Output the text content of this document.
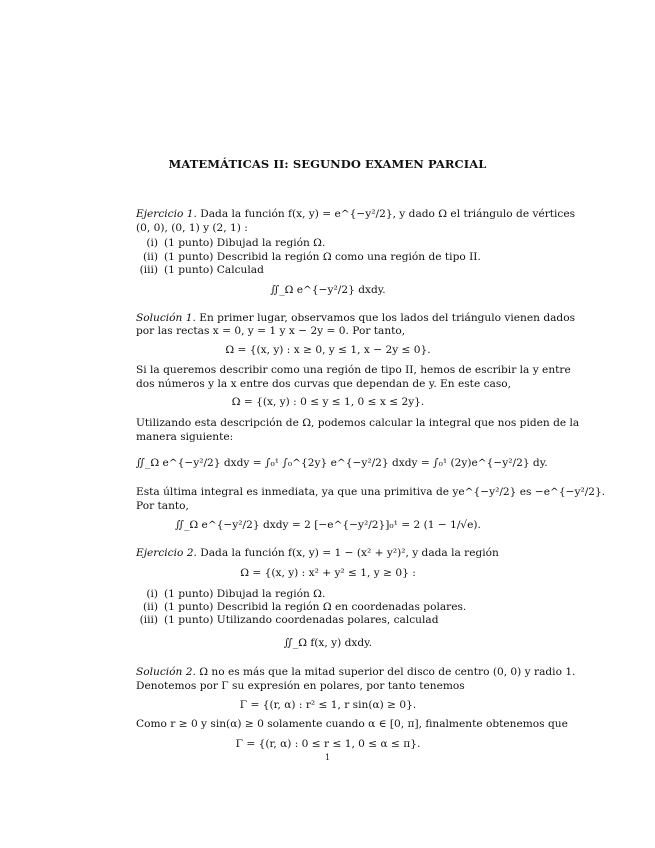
MATEMÁTICAS II: SEGUNDO EXAMEN PARCIAL
Ejercicio 1. Dada la función f(x, y) = e^{−y²/2}, y dado Ω el triángulo de vértices
(0, 0), (0, 1) y (2, 1) :
(i) (1 punto) Dibujad la región Ω.
(ii) (1 punto) Describid la región Ω como una región de tipo II.
(iii) (1 punto) Calculad
∬_Ω e^{−y²/2} dxdy.
Solución 1. En primer lugar, observamos que los lados del triángulo vienen dados
por las rectas x = 0, y = 1 y x − 2y = 0. Por tanto,
Ω = {(x, y) : x ≥ 0, y ≤ 1, x − 2y ≤ 0}.
Si la queremos describir como una región de tipo II, hemos de escribir la y entre
dos números y la x entre dos curvas que dependan de y. En este caso,
Ω = {(x, y) : 0 ≤ y ≤ 1, 0 ≤ x ≤ 2y}.
Utilizando esta descripción de Ω, podemos calcular la integral que nos piden de la
manera siguiente:
∬_Ω e^{−y²/2} dxdy = ∫₀¹ ∫₀^{2y} e^{−y²/2} dxdy = ∫₀¹ (2y)e^{−y²/2} dy.
Esta última integral es inmediata, ya que una primitiva de ye^{−y²/2} es −e^{−y²/2}.
Por tanto,
∬_Ω e^{−y²/2} dxdy = 2 [−e^{−y²/2}]₀¹ = 2 (1 − 1/√e).
Ejercicio 2. Dada la función f(x, y) = 1 − (x² + y²)², y dada la región
Ω = {(x, y) : x² + y² ≤ 1, y ≥ 0} :
(i) (1 punto) Dibujad la región Ω.
(ii) (1 punto) Describid la región Ω en coordenadas polares.
(iii) (1 punto) Utilizando coordenadas polares, calculad
∬_Ω f(x, y) dxdy.
Solución 2. Ω no es más que la mitad superior del disco de centro (0, 0) y radio 1.
Denotemos por Γ su expresión en polares, por tanto tenemos
Γ = {(r, α) : r² ≤ 1, r sin(α) ≥ 0}.
Como r ≥ 0 y sin(α) ≥ 0 solamente cuando α ∈ [0, π], finalmente obtenemos que
Γ = {(r, α) : 0 ≤ r ≤ 1, 0 ≤ α ≤ π}.
1
